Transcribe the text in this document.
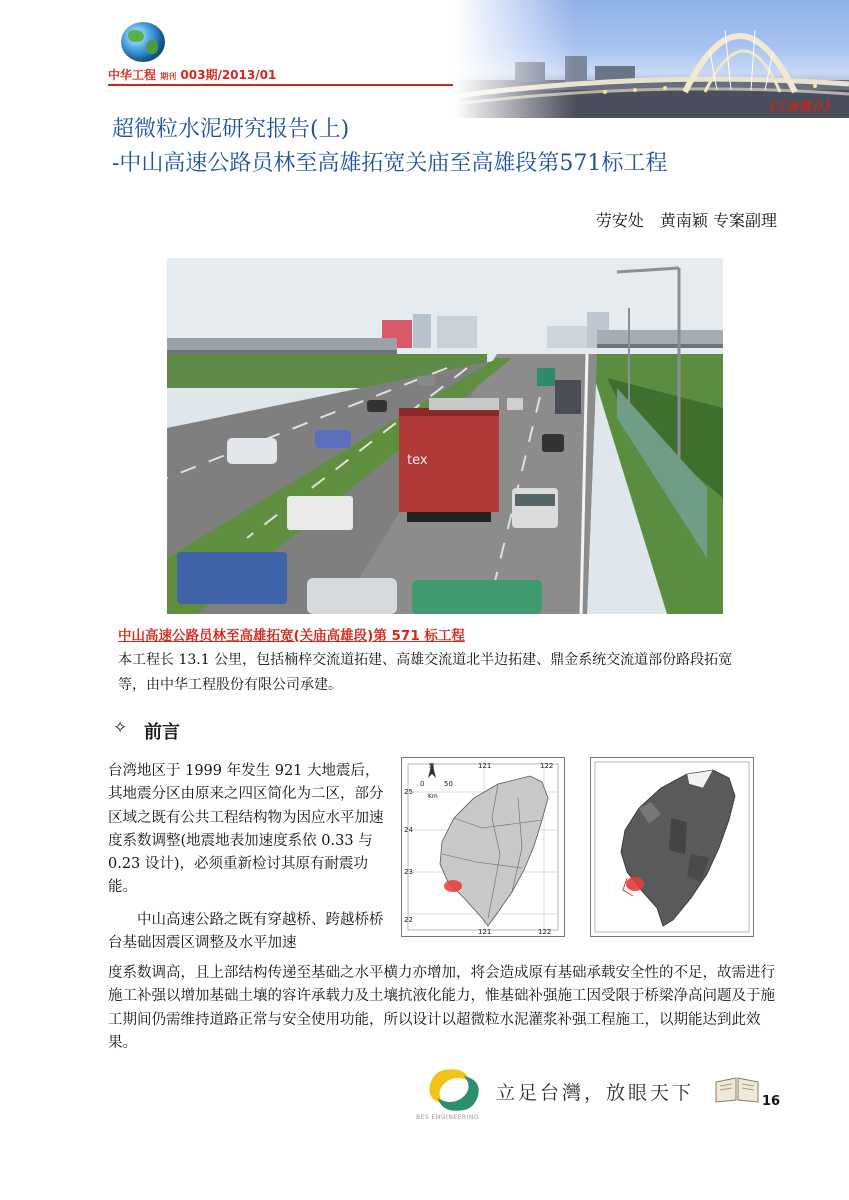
中华工程 期刊 003期/2013/01
《工务简介》
超微粒水泥研究报告(上)
-中山高速公路员林至高雄拓宽关庙至高雄段第571标工程
劳安处　黄南颖 专案副理
tex
中山高速公路员林至高雄拓宽(关庙高雄段)第 571 标工程
本工程长 13.1 公里，包括楠梓交流道拓建、高雄交流道北半边拓建、鼎金系统交流道部份路段拓宽等，由中华工程股份有限公司承建。
✧ 前言
台湾地区于 1999 年发生 921 大地震后，其地震分区由原来之四区简化为二区，部分区域之既有公共工程结构物为因应水平加速度系数调整(地震地表加速度系依 0.33 与 0.23 设计)，必须重新检讨其原有耐震功能。
中山高速公路之既有穿越桥、跨越桥桥台基础因震区调整及水平加速
度系数调高，且上部结构传递至基础之水平横力亦增加，将会造成原有基础承载安全性的不足，故需进行施工补强以增加基础土壤的容许承载力及土壤抗液化能力，惟基础补强施工因受限于桥梁净高问题及于施工期间仍需维持道路正常与安全使用功能，所以设计以超微粒水泥灌浆补强工程施工，以期能达到此效果。
N
0	50
Km
121	122
25
24
23
22
121	122
BES ENGINEERING
立足台灣，放眼天下	16
